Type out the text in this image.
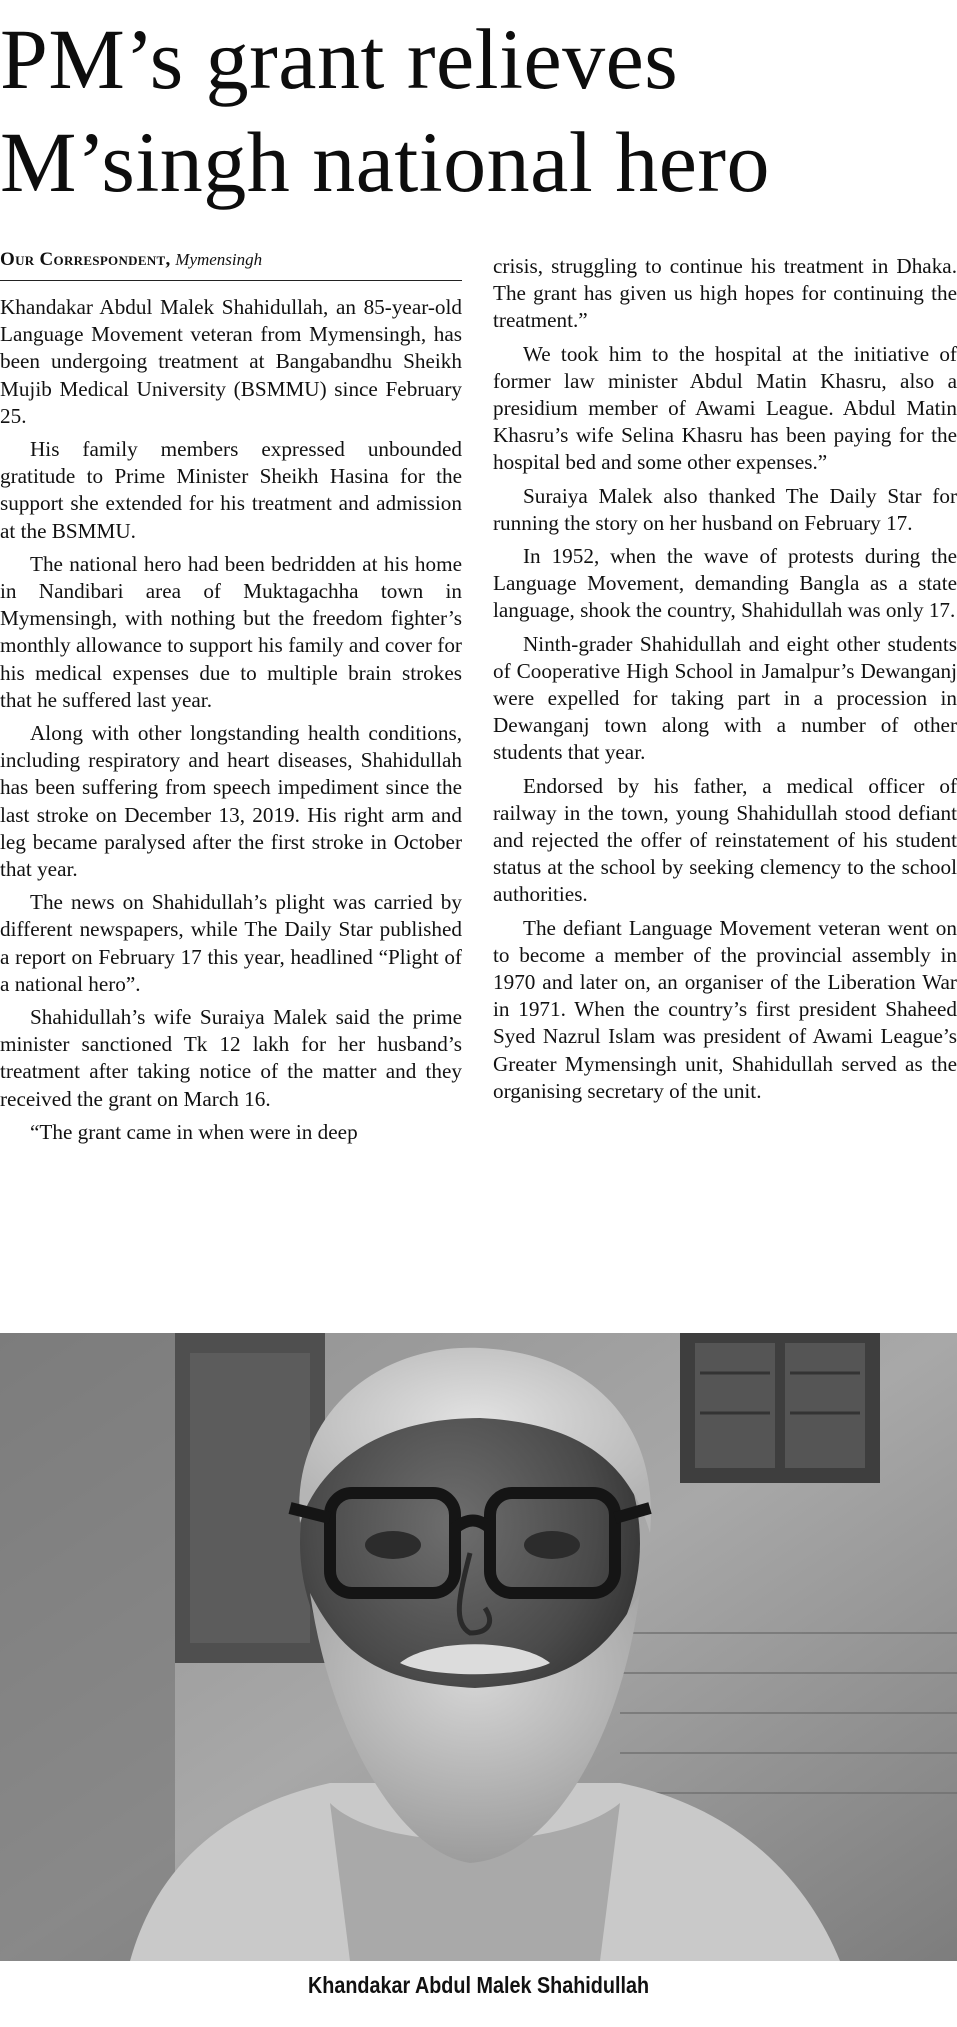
PM’s grant relieves
M’singh national hero
Our Correspondent, Mymensingh

Khandakar Abdul Malek Shahidullah, an 85-year-old Language Movement veteran from Mymensingh, has been undergoing treatment at Bangabandhu Sheikh Mujib Medical University (BSMMU) since February 25.

His family members expressed unbounded gratitude to Prime Minister Sheikh Hasina for the support she extended for his treatment and admission at the BSMMU.

The national hero had been bedridden at his home in Nandibari area of Muktagachha town in Mymensingh, with nothing but the freedom fighter’s monthly allowance to support his family and cover for his medical expenses due to multiple brain strokes that he suffered last year.

Along with other longstanding health conditions, including respiratory and heart diseases, Shahidullah has been suffering from speech impediment since the last stroke on December 13, 2019. His right arm and leg became paralysed after the first stroke in October that year.

The news on Shahidullah’s plight was carried by different newspapers, while The Daily Star published a report on February 17 this year, headlined “Plight of a national hero”.

Shahidullah’s wife Suraiya Malek said the prime minister sanctioned Tk 12 lakh for her husband’s treatment after taking notice of the matter and they received the grant on March 16.

“The grant came in when were in deep

crisis, struggling to continue his treatment in Dhaka. The grant has given us high hopes for continuing the treatment.”

We took him to the hospital at the initiative of former law minister Abdul Matin Khasru, also a presidium member of Awami League. Abdul Matin Khasru’s wife Selina Khasru has been paying for the hospital bed and some other expenses.”

Suraiya Malek also thanked The Daily Star for running the story on her husband on February 17.

In 1952, when the wave of protests during the Language Movement, demanding Bangla as a state language, shook the country, Shahidullah was only 17.

Ninth-grader Shahidullah and eight other students of Cooperative High School in Jamalpur’s Dewanganj were expelled for taking part in a procession in Dewanganj town along with a number of other students that year.

Endorsed by his father, a medical officer of railway in the town, young Shahidullah stood defiant and rejected the offer of reinstatement of his student status at the school by seeking clemency to the school authorities.

The defiant Language Movement veteran went on to become a member of the provincial assembly in 1970 and later on, an organiser of the Liberation War in 1971. When the country’s first president Shaheed Syed Nazrul Islam was president of Awami League’s Greater Mymensingh unit, Shahidullah served as the organising secretary of the unit.

Khandakar Abdul Malek Shahidullah
